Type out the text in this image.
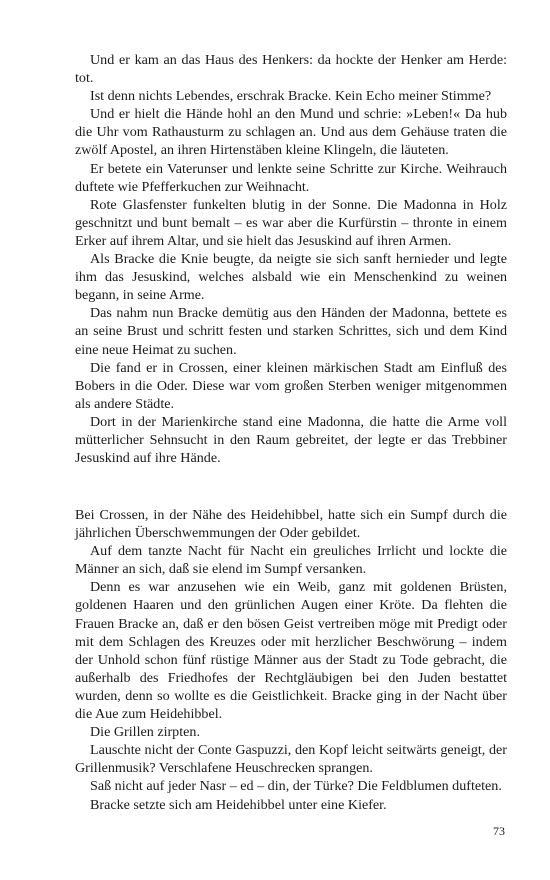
Und er kam an das Haus des Henkers: da hockte der Henker am Herde: tot.

Ist denn nichts Lebendes, erschrak Bracke. Kein Echo meiner Stimme?

Und er hielt die Hände hohl an den Mund und schrie: »Leben!« Da hub die Uhr vom Rathausturm zu schlagen an. Und aus dem Gehäuse traten die zwölf Apostel, an ihren Hirtenstäben kleine Klingeln, die läuteten.

Er betete ein Vaterunser und lenkte seine Schritte zur Kirche. Weihrauch duftete wie Pfefferkuchen zur Weihnacht.

Rote Glasfenster funkelten blutig in der Sonne. Die Madonna in Holz geschnitzt und bunt bemalt – es war aber die Kurfürstin – thronte in einem Erker auf ihrem Altar, und sie hielt das Jesuskind auf ihren Armen.

Als Bracke die Knie beugte, da neigte sie sich sanft hernieder und legte ihm das Jesuskind, welches alsbald wie ein Menschenkind zu weinen begann, in seine Arme.

Das nahm nun Bracke demütig aus den Händen der Madonna, bettete es an seine Brust und schritt festen und starken Schrittes, sich und dem Kind eine neue Heimat zu suchen.

Die fand er in Crossen, einer kleinen märkischen Stadt am Einfluß des Bobers in die Oder. Diese war vom großen Sterben weniger mitgenommen als andere Städte.

Dort in der Marienkirche stand eine Madonna, die hatte die Arme voll mütterlicher Sehnsucht in den Raum gebreitet, der legte er das Trebbiner Jesuskind auf ihre Hände.

Bei Crossen, in der Nähe des Heidehibbel, hatte sich ein Sumpf durch die jährlichen Überschwemmungen der Oder gebildet.

Auf dem tanzte Nacht für Nacht ein greuliches Irrlicht und lockte die Männer an sich, daß sie elend im Sumpf versanken.

Denn es war anzusehen wie ein Weib, ganz mit goldenen Brüsten, goldenen Haaren und den grünlichen Augen einer Kröte. Da flehten die Frauen Bracke an, daß er den bösen Geist vertreiben möge mit Predigt oder mit dem Schlagen des Kreuzes oder mit herzlicher Beschwörung – indem der Unhold schon fünf rüstige Männer aus der Stadt zu Tode gebracht, die außerhalb des Friedhofes der Rechtgläubigen bei den Juden bestattet wurden, denn so wollte es die Geistlichkeit. Bracke ging in der Nacht über die Aue zum Heidehibbel.

Die Grillen zirpten.

Lauschte nicht der Conte Gaspuzzi, den Kopf leicht seitwärts geneigt, der Grillenmusik? Verschlafene Heuschrecken sprangen.

Saß nicht auf jeder Nasr – ed – din, der Türke? Die Feldblumen dufteten.

Bracke setzte sich am Heidehibbel unter eine Kiefer.

73
